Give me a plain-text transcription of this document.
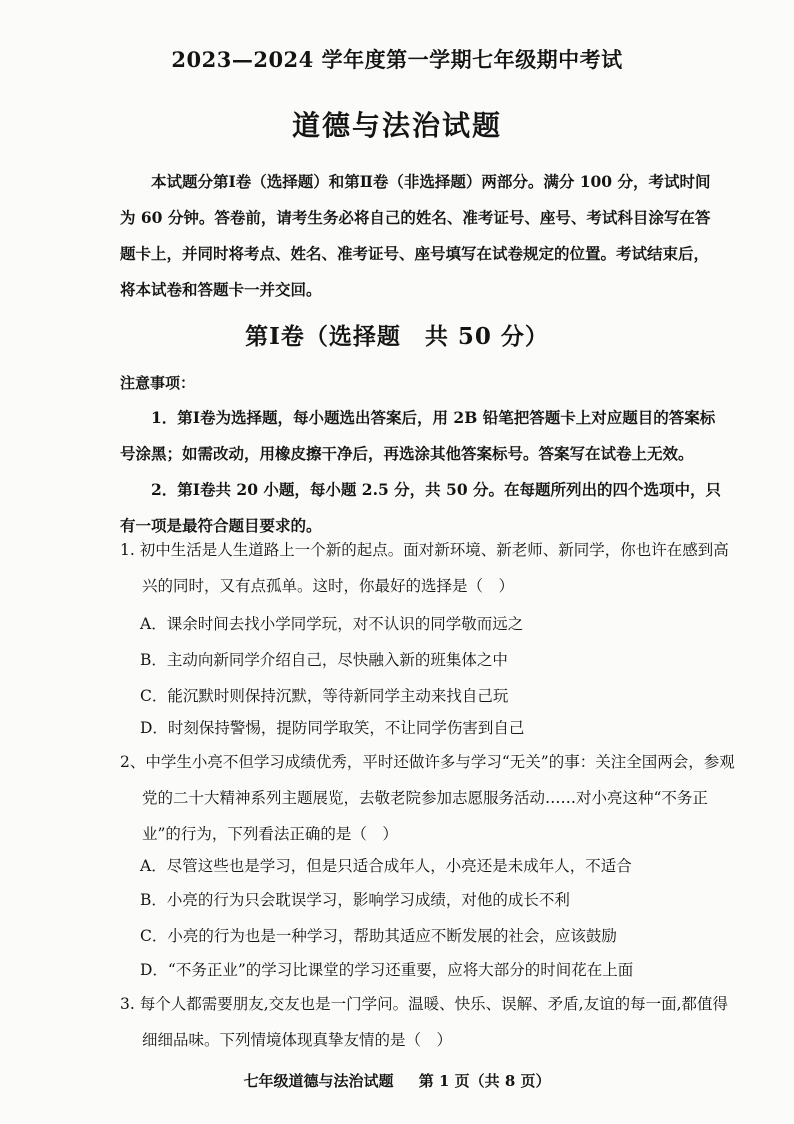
2023—2024 学年度第一学期七年级期中考试
道德与法治试题

本试题分第Ⅰ卷（选择题）和第Ⅱ卷（非选择题）两部分。满分 100 分，考试时间为 60 分钟。答卷前，请考生务必将自己的姓名、准考证号、座号、考试科目涂写在答题卡上，并同时将考点、姓名、准考证号、座号填写在试卷规定的位置。考试结束后，将本试卷和答题卡一并交回。

第Ⅰ卷（选择题　共 50 分）
注意事项：

1．第Ⅰ卷为选择题，每小题选出答案后，用 2B 铅笔把答题卡上对应题目的答案标号涂黑；如需改动，用橡皮擦干净后，再选涂其他答案标号。答案写在试卷上无效。

2．第Ⅰ卷共 20 小题，每小题 2.5 分，共 50 分。在每题所列出的四个选项中，只有一项是最符合题目要求的。

1. 初中生活是人生道路上一个新的起点。面对新环境、新老师、新同学，你也许在感到高兴的同时，又有点孤单。这时，你最好的选择是（　）

A．课余时间去找小学同学玩，对不认识的同学敬而远之

B．主动向新同学介绍自己，尽快融入新的班集体之中

C．能沉默时则保持沉默，等待新同学主动来找自己玩

D．时刻保持警惕，提防同学取笑，不让同学伤害到自己

2、中学生小亮不但学习成绩优秀，平时还做许多与学习“无关”的事：关注全国两会，参观党的二十大精神系列主题展览，去敬老院参加志愿服务活动……对小亮这种“不务正业”的行为，下列看法正确的是（　）

A．尽管这些也是学习，但是只适合成年人，小亮还是未成年人，不适合

B．小亮的行为只会耽误学习，影响学习成绩，对他的成长不利

C．小亮的行为也是一种学习，帮助其适应不断发展的社会，应该鼓励

D．“不务正业”的学习比课堂的学习还重要，应将大部分的时间花在上面

3. 每个人都需要朋友,交友也是一门学问。温暖、快乐、误解、矛盾,友谊的每一面,都值得细细品味。下列情境体现真挚友情的是（　）

七年级道德与法治试题 第 1 页（共 8 页）
